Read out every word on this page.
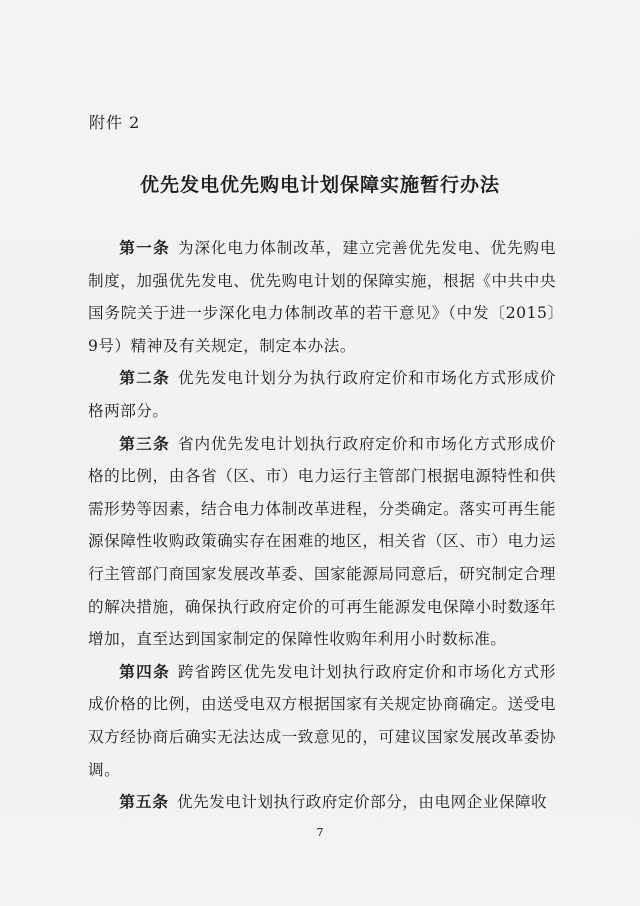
附件 2
优先发电优先购电计划保障实施暂行办法

第一条 为深化电力体制改革，建立完善优先发电、优先购电制度，加强优先发电、优先购电计划的保障实施，根据《中共中央国务院关于进一步深化电力体制改革的若干意见》（中发〔2015〕9号）精神及有关规定，制定本办法。

第二条 优先发电计划分为执行政府定价和市场化方式形成价格两部分。

第三条 省内优先发电计划执行政府定价和市场化方式形成价格的比例，由各省（区、市）电力运行主管部门根据电源特性和供需形势等因素，结合电力体制改革进程，分类确定。落实可再生能源保障性收购政策确实存在困难的地区，相关省（区、市）电力运行主管部门商国家发展改革委、国家能源局同意后，研究制定合理的解决措施，确保执行政府定价的可再生能源发电保障小时数逐年增加，直至达到国家制定的保障性收购年利用小时数标准。

第四条 跨省跨区优先发电计划执行政府定价和市场化方式形成价格的比例，由送受电双方根据国家有关规定协商确定。送受电双方经协商后确实无法达成一致意见的，可建议国家发展改革委协调。

第五条 优先发电计划执行政府定价部分，由电网企业保障收

7
